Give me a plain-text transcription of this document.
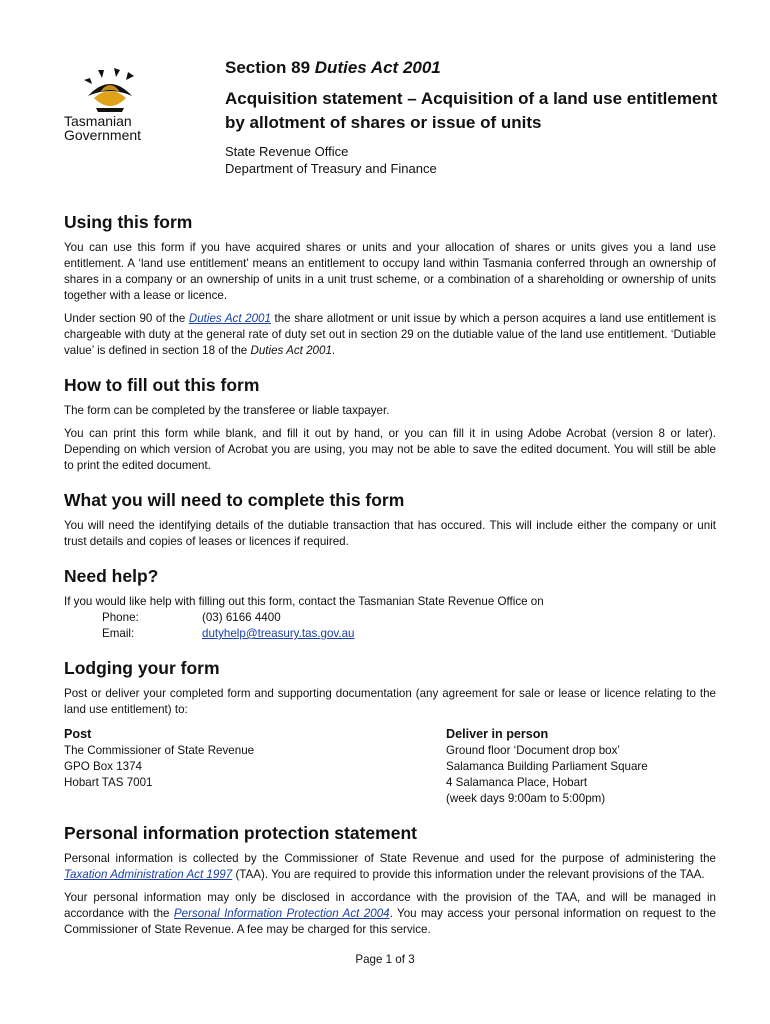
Tasmanian
Government
Section 89 Duties Act 2001
Acquisition statement – Acquisition of a land use entitlement by allotment of shares or issue of units
State Revenue Office
Department of Treasury and Finance
Using this form

You can use this form if you have acquired shares or units and your allocation of shares or units gives you a land use entitlement. A ‘land use entitlement’ means an entitlement to occupy land within Tasmania conferred through an ownership of shares in a company or an ownership of units in a unit trust scheme, or a combination of a shareholding or ownership of units together with a lease or licence.

Under section 90 of the Duties Act 2001 the share allotment or unit issue by which a person acquires a land use entitlement is chargeable with duty at the general rate of duty set out in section 29 on the dutiable value of the land use entitlement. ‘Dutiable value’ is defined in section 18 of the Duties Act 2001.

How to fill out this form

The form can be completed by the transferee or liable taxpayer.

You can print this form while blank, and fill it out by hand, or you can fill it in using Adobe Acrobat (version 8 or later). Depending on which version of Acrobat you are using, you may not be able to save the edited document. You will still be able to print the edited document.

What you will need to complete this form

You will need the identifying details of the dutiable transaction that has occured. This will include either the company or unit trust details and copies of leases or licences if required.

Need help?

If you would like help with filling out this form, contact the Tasmanian State Revenue Office on

Phone:	(03) 6166 4400
Email:	dutyhelp@treasury.tas.gov.au
Lodging your form

Post or deliver your completed form and supporting documentation (any agreement for sale or lease or licence relating to the land use entitlement) to:

Post
The Commissioner of State Revenue
GPO Box 1374
Hobart TAS 7001
Deliver in person
Ground floor ‘Document drop box’
Salamanca Building Parliament Square
4 Salamanca Place, Hobart
(week days 9:00am to 5:00pm)
Personal information protection statement

Personal information is collected by the Commissioner of State Revenue and used for the purpose of administering the Taxation Administration Act 1997 (TAA). You are required to provide this information under the relevant provisions of the TAA.

Your personal information may only be disclosed in accordance with the provision of the TAA, and will be managed in accordance with the Personal Information Protection Act 2004. You may access your personal information on request to the Commissioner of State Revenue. A fee may be charged for this service.

Page 1 of 3
